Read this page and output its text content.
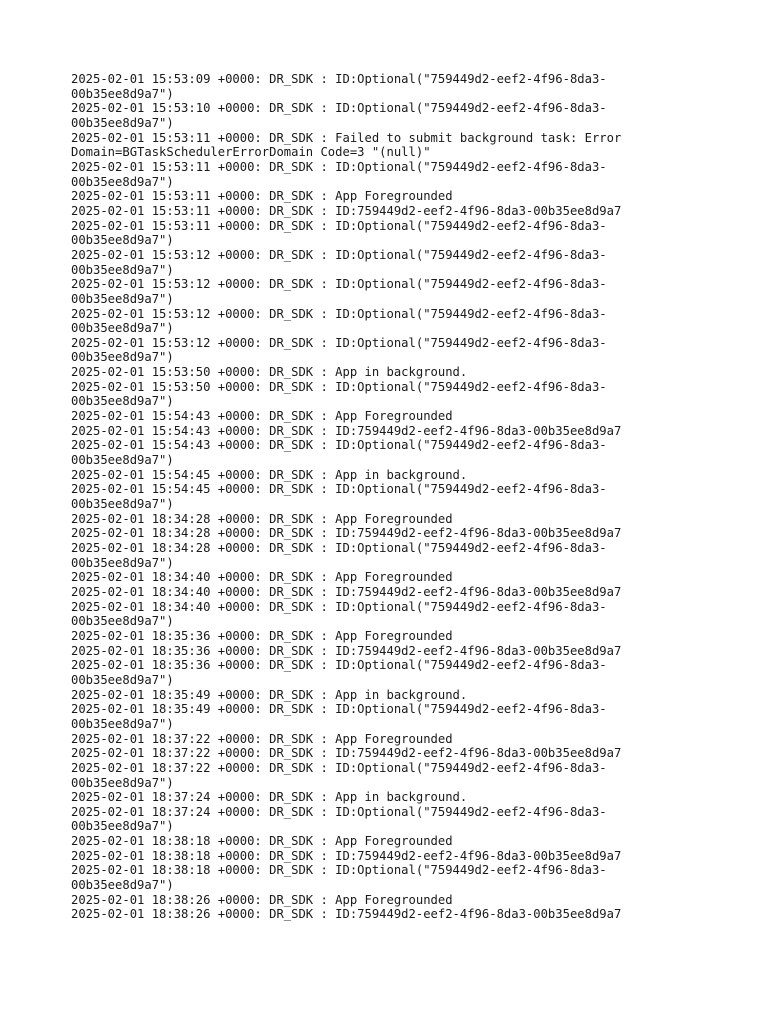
2025-02-01 15:53:09 +0000: DR_SDK : ID:Optional("759449d2-eef2-4f96-8da3-
00b35ee8d9a7")
2025-02-01 15:53:10 +0000: DR_SDK : ID:Optional("759449d2-eef2-4f96-8da3-
00b35ee8d9a7")
2025-02-01 15:53:11 +0000: DR_SDK : Failed to submit background task: Error
Domain=BGTaskSchedulerErrorDomain Code=3 "(null)"
2025-02-01 15:53:11 +0000: DR_SDK : ID:Optional("759449d2-eef2-4f96-8da3-
00b35ee8d9a7")
2025-02-01 15:53:11 +0000: DR_SDK : App Foregrounded
2025-02-01 15:53:11 +0000: DR_SDK : ID:759449d2-eef2-4f96-8da3-00b35ee8d9a7
2025-02-01 15:53:11 +0000: DR_SDK : ID:Optional("759449d2-eef2-4f96-8da3-
00b35ee8d9a7")
2025-02-01 15:53:12 +0000: DR_SDK : ID:Optional("759449d2-eef2-4f96-8da3-
00b35ee8d9a7")
2025-02-01 15:53:12 +0000: DR_SDK : ID:Optional("759449d2-eef2-4f96-8da3-
00b35ee8d9a7")
2025-02-01 15:53:12 +0000: DR_SDK : ID:Optional("759449d2-eef2-4f96-8da3-
00b35ee8d9a7")
2025-02-01 15:53:12 +0000: DR_SDK : ID:Optional("759449d2-eef2-4f96-8da3-
00b35ee8d9a7")
2025-02-01 15:53:50 +0000: DR_SDK : App in background.
2025-02-01 15:53:50 +0000: DR_SDK : ID:Optional("759449d2-eef2-4f96-8da3-
00b35ee8d9a7")
2025-02-01 15:54:43 +0000: DR_SDK : App Foregrounded
2025-02-01 15:54:43 +0000: DR_SDK : ID:759449d2-eef2-4f96-8da3-00b35ee8d9a7
2025-02-01 15:54:43 +0000: DR_SDK : ID:Optional("759449d2-eef2-4f96-8da3-
00b35ee8d9a7")
2025-02-01 15:54:45 +0000: DR_SDK : App in background.
2025-02-01 15:54:45 +0000: DR_SDK : ID:Optional("759449d2-eef2-4f96-8da3-
00b35ee8d9a7")
2025-02-01 18:34:28 +0000: DR_SDK : App Foregrounded
2025-02-01 18:34:28 +0000: DR_SDK : ID:759449d2-eef2-4f96-8da3-00b35ee8d9a7
2025-02-01 18:34:28 +0000: DR_SDK : ID:Optional("759449d2-eef2-4f96-8da3-
00b35ee8d9a7")
2025-02-01 18:34:40 +0000: DR_SDK : App Foregrounded
2025-02-01 18:34:40 +0000: DR_SDK : ID:759449d2-eef2-4f96-8da3-00b35ee8d9a7
2025-02-01 18:34:40 +0000: DR_SDK : ID:Optional("759449d2-eef2-4f96-8da3-
00b35ee8d9a7")
2025-02-01 18:35:36 +0000: DR_SDK : App Foregrounded
2025-02-01 18:35:36 +0000: DR_SDK : ID:759449d2-eef2-4f96-8da3-00b35ee8d9a7
2025-02-01 18:35:36 +0000: DR_SDK : ID:Optional("759449d2-eef2-4f96-8da3-
00b35ee8d9a7")
2025-02-01 18:35:49 +0000: DR_SDK : App in background.
2025-02-01 18:35:49 +0000: DR_SDK : ID:Optional("759449d2-eef2-4f96-8da3-
00b35ee8d9a7")
2025-02-01 18:37:22 +0000: DR_SDK : App Foregrounded
2025-02-01 18:37:22 +0000: DR_SDK : ID:759449d2-eef2-4f96-8da3-00b35ee8d9a7
2025-02-01 18:37:22 +0000: DR_SDK : ID:Optional("759449d2-eef2-4f96-8da3-
00b35ee8d9a7")
2025-02-01 18:37:24 +0000: DR_SDK : App in background.
2025-02-01 18:37:24 +0000: DR_SDK : ID:Optional("759449d2-eef2-4f96-8da3-
00b35ee8d9a7")
2025-02-01 18:38:18 +0000: DR_SDK : App Foregrounded
2025-02-01 18:38:18 +0000: DR_SDK : ID:759449d2-eef2-4f96-8da3-00b35ee8d9a7
2025-02-01 18:38:18 +0000: DR_SDK : ID:Optional("759449d2-eef2-4f96-8da3-
00b35ee8d9a7")
2025-02-01 18:38:26 +0000: DR_SDK : App Foregrounded
2025-02-01 18:38:26 +0000: DR_SDK : ID:759449d2-eef2-4f96-8da3-00b35ee8d9a7
